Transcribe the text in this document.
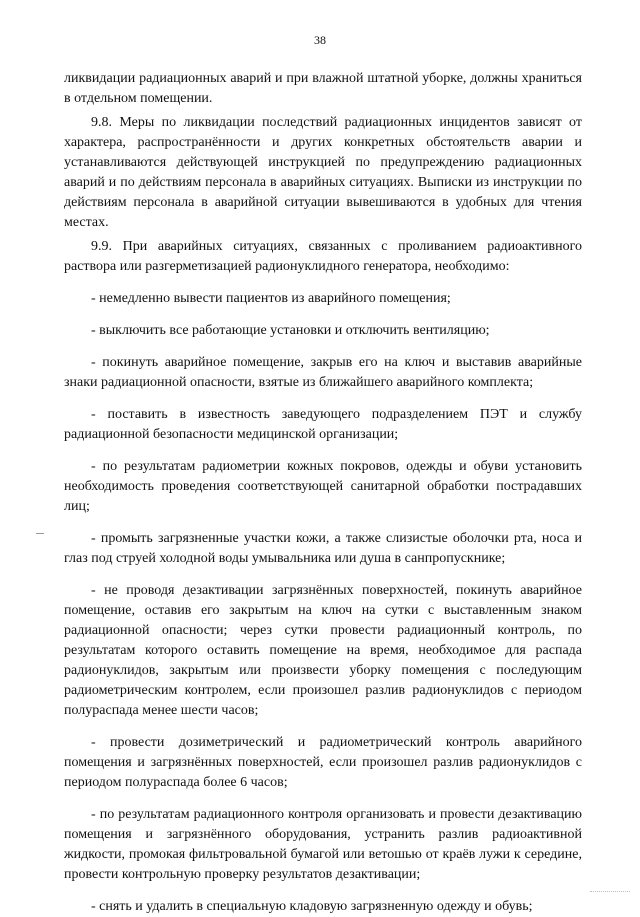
38

ликвидации радиационных аварий и при влажной штатной уборке, должны храниться в отдельном помещении.

9.8. Меры по ликвидации последствий радиационных инцидентов зависят от характера, распространённости и других конкретных обстоятельств аварии и устанавливаются действующей инструкцией по предупреждению радиационных аварий и по действиям персонала в аварийных ситуациях. Выписки из инструкции по действиям персонала в аварийной ситуации вывешиваются в удобных для чтения местах.

9.9. При аварийных ситуациях, связанных с проливанием радиоактивного раствора или разгерметизацией радионуклидного генератора, необходимо:

- немедленно вывести пациентов из аварийного помещения;

- выключить все работающие установки и отключить вентиляцию;

- покинуть аварийное помещение, закрыв его на ключ и выставив аварийные знаки радиационной опасности, взятые из ближайшего аварийного комплекта;

- поставить в известность заведующего подразделением ПЭТ и службу радиационной безопасности медицинской организации;

- по результатам радиометрии кожных покровов, одежды и обуви установить необходимость проведения соответствующей санитарной обработки пострадавших лиц;

- промыть загрязненные участки кожи, а также слизистые оболочки рта, носа и глаз под струей холодной воды умывальника или душа в санпропускнике;

- не проводя дезактивации загрязнённых поверхностей, покинуть аварийное помещение, оставив его закрытым на ключ на сутки с выставленным знаком радиационной опасности; через сутки провести радиационный контроль, по результатам которого оставить помещение на время, необходимое для распада радионуклидов, закрытым или произвести уборку помещения с последующим радиометрическим контролем, если произошел разлив радионуклидов с периодом полураспада менее шести часов;

- провести дозиметрический и радиометрический контроль аварийного помещения и загрязнённых поверхностей, если произошел разлив радионуклидов с периодом полураспада более 6 часов;

- по результатам радиационного контроля организовать и провести дезактивацию помещения и загрязнённого оборудования, устранить разлив радиоактивной жидкости, промокая фильтровальной бумагой или ветошью от краёв лужи к середине, провести контрольную проверку результатов дезактивации;

- снять и удалить в специальную кладовую загрязненную одежду и обувь;
